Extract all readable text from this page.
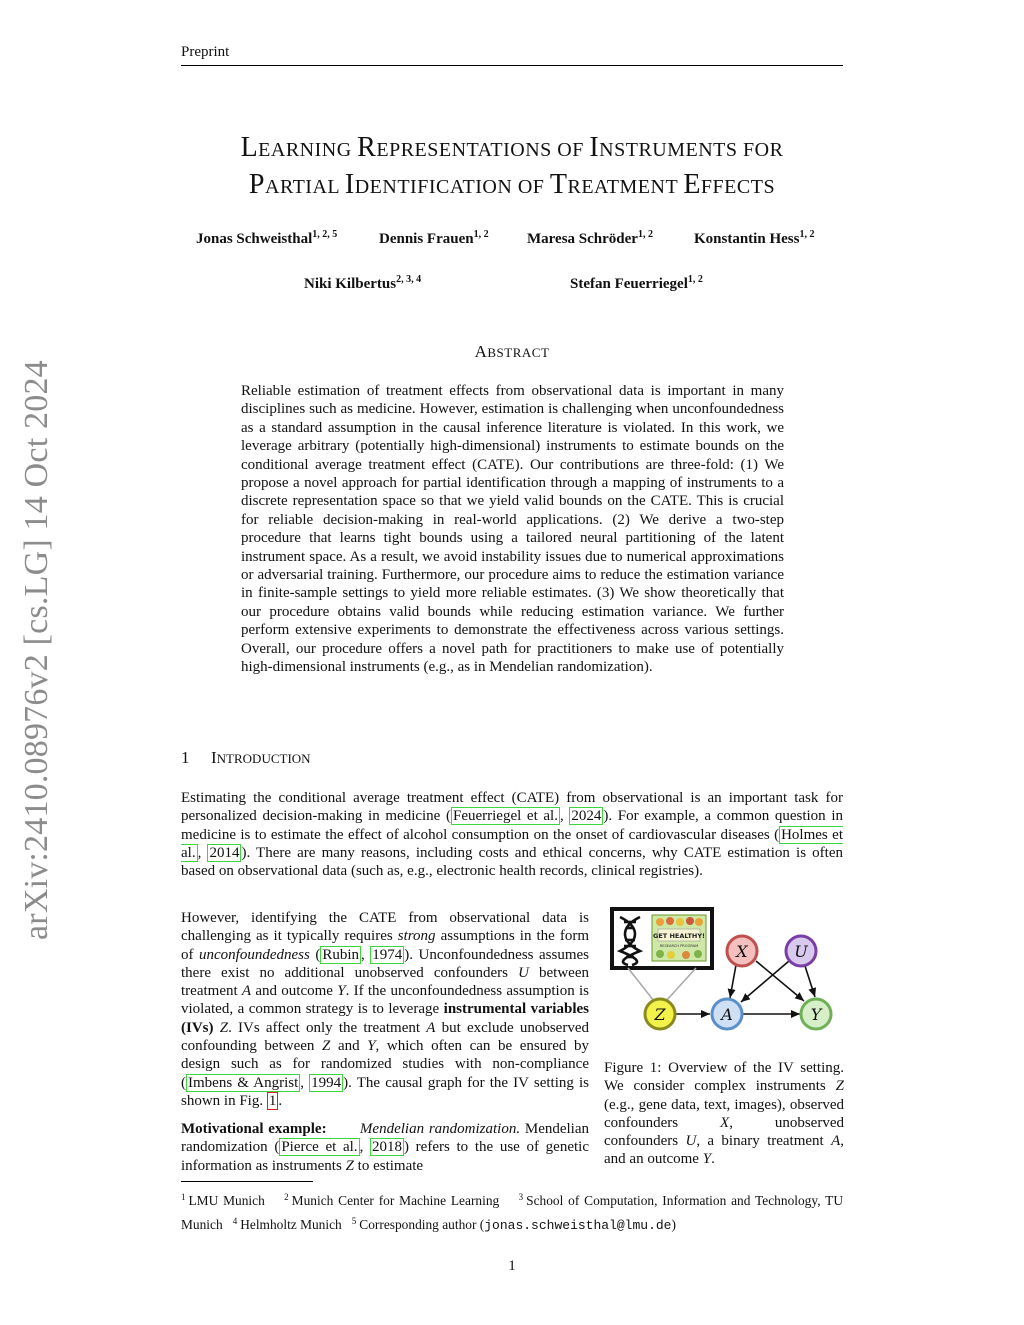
Preprint
arXiv:2410.08976v2 [cs.LG] 14 Oct 2024
LEARNING REPRESENTATIONS OF INSTRUMENTS FOR
PARTIAL IDENTIFICATION OF TREATMENT EFFECTS
Jonas Schweisthal$^{1, 2, 5}$	Dennis Frauen$^{1, 2}$	Maresa Schröder$^{1, 2}$	Konstantin Hess$^{1, 2}$
Niki Kilbertus$^{2, 3, 4}$	Stefan Feuerriegel$^{1, 2}$
ABSTRACT
Reliable estimation of treatment effects from observational data is important in many disciplines such as medicine. However, estimation is challenging when unconfoundedness as a standard assumption in the causal inference literature is violated. In this work, we leverage arbitrary (potentially high-dimensional) instruments to estimate bounds on the conditional average treatment effect (CATE). Our contributions are three-fold: (1) We propose a novel approach for partial identification through a mapping of instruments to a discrete representation space so that we yield valid bounds on the CATE. This is crucial for reliable decision-making in real-world applications. (2) We derive a two-step procedure that learns tight bounds using a tailored neural partitioning of the latent instrument space. As a result, we avoid instability issues due to numerical approximations or adversarial training. Furthermore, our procedure aims to reduce the estimation variance in finite-sample settings to yield more reliable estimates. (3) We show theoretically that our procedure obtains valid bounds while reducing estimation variance. We further perform extensive experiments to demonstrate the effectiveness across various settings. Overall, our procedure offers a novel path for practitioners to make use of potentially high-dimensional instruments (e.g., as in Mendelian randomization).
1 INTRODUCTION
Estimating the conditional average treatment effect (CATE) from observational is an important task for personalized decision-making in medicine ( Feuerriegel et al. , 2024 ). For example, a common question in medicine is to estimate the effect of alcohol consumption on the onset of cardiovascular diseases ( Holmes et al. , 2014 ). There are many reasons, including costs and ethical concerns, why CATE estimation is often based on observational data (such as, e.g., electronic health records, clinical registries).
However, identifying the CATE from observational data is challenging as it typically requires strong assumptions in the form of unconfoundedness ( Rubin , 1974 ). Unconfoundedness assumes there exist no additional unobserved confounders U between treatment A and outcome Y. If the unconfoundedness assumption is violated, a common strategy is to leverage instrumental variables (IVs) Z. IVs affect only the treatment A but exclude unobserved confounding between Z and Y, which often can be ensured by design such as for randomized studies with non-compliance ( Imbens & Angrist , 1994 ). The causal graph for the IV setting is shown in Fig. 1 .
Motivational example: Mendelian randomization. Mendelian randomization ( Pierce et al. , 2018 ) refers to the use of genetic information as instruments Z to estimate
GET HEALTHY!
RESEARCH PROGRAM
Z	A	Y
X	U
Figure 1: Overview of the IV setting. We consider complex instruments Z (e.g., gene data, text, images), observed confounders X, unobserved confounders U, a binary treatment A, and an outcome Y.
$^1$ LMU Munich $^2$ Munich Center for Machine Learning $^3$ School of Computation, Information and Technology, TU Munich $^4$ Helmholtz Munich $^5$ Corresponding author (jonas.schweisthal@lmu.de)
1
